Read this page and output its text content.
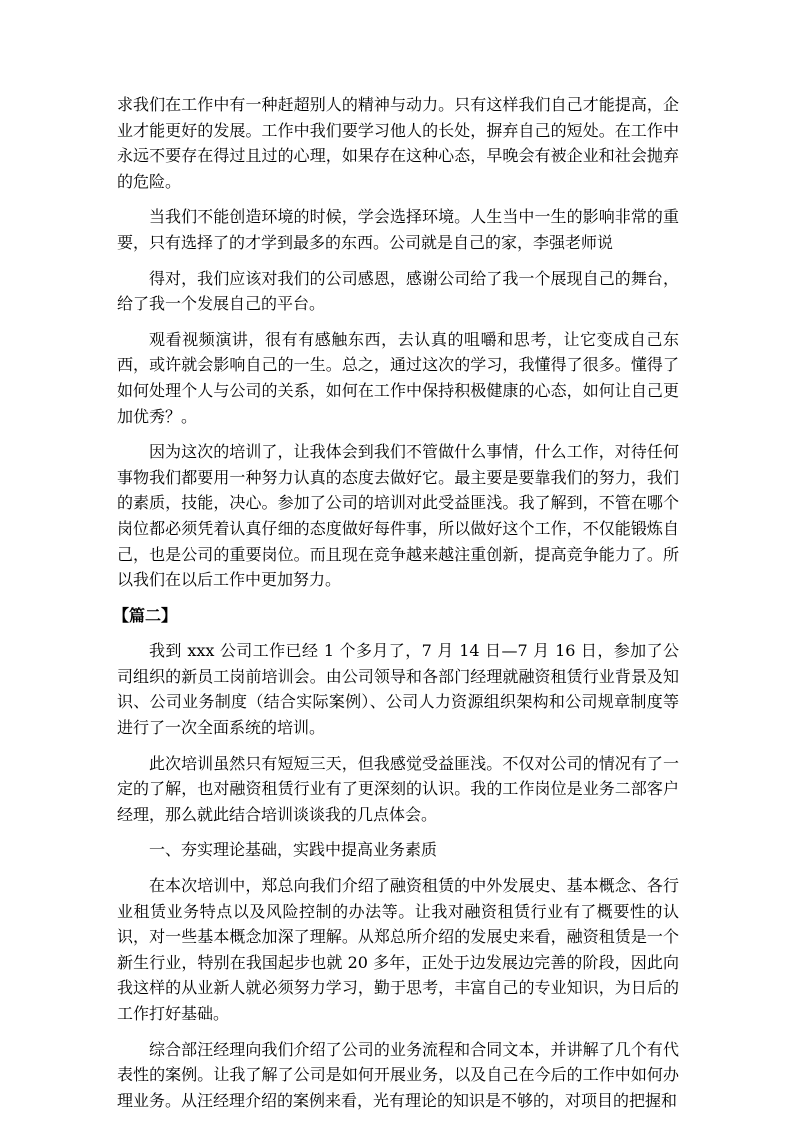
求我们在工作中有一种赶超别人的精神与动力。只有这样我们自己才能提高，企业才能更好的发展。工作中我们要学习他人的长处，摒弃自己的短处。在工作中永远不要存在得过且过的心理，如果存在这种心态，早晚会有被企业和社会抛弃的危险。

当我们不能创造环境的时候，学会选择环境。人生当中一生的影响非常的重要，只有选择了的才学到最多的东西。公司就是自己的家，李强老师说

得对，我们应该对我们的公司感恩，感谢公司给了我一个展现自己的舞台，给了我一个发展自己的平台。

观看视频演讲，很有有感触东西，去认真的咀嚼和思考，让它变成自己东西，或许就会影响自己的一生。总之，通过这次的学习，我懂得了很多。懂得了如何处理个人与公司的关系，如何在工作中保持积极健康的心态，如何让自己更加优秀？。

因为这次的培训了，让我体会到我们不管做什么事情，什么工作，对待任何事物我们都要用一种努力认真的态度去做好它。最主要是要靠我们的努力，我们的素质，技能，决心。参加了公司的培训对此受益匪浅。我了解到，不管在哪个岗位都必须凭着认真仔细的态度做好每件事，所以做好这个工作，不仅能锻炼自己，也是公司的重要岗位。而且现在竞争越来越注重创新，提高竞争能力了。所以我们在以后工作中更加努力。

【篇二】

我到 xxx 公司工作已经 1 个多月了，7 月 14 日—7 月 16 日，参加了公司组织的新员工岗前培训会。由公司领导和各部门经理就融资租赁行业背景及知识、公司业务制度（结合实际案例）、公司人力资源组织架构和公司规章制度等进行了一次全面系统的培训。

此次培训虽然只有短短三天，但我感觉受益匪浅。不仅对公司的情况有了一定的了解，也对融资租赁行业有了更深刻的认识。我的工作岗位是业务二部客户经理，那么就此结合培训谈谈我的几点体会。

一、夯实理论基础，实践中提高业务素质

在本次培训中，郑总向我们介绍了融资租赁的中外发展史、基本概念、各行业租赁业务特点以及风险控制的办法等。让我对融资租赁行业有了概要性的认识，对一些基本概念加深了理解。从郑总所介绍的发展史来看，融资租赁是一个新生行业，特别在我国起步也就 20 多年，正处于边发展边完善的阶段，因此向我这样的从业新人就必须努力学习，勤于思考，丰富自己的专业知识，为日后的工作打好基础。

综合部汪经理向我们介绍了公司的业务流程和合同文本，并讲解了几个有代表性的案例。让我了解了公司是如何开展业务，以及自己在今后的工作中如何办理业务。从汪经理介绍的案例来看，光有理论的知识是不够的，对项目的把握和
